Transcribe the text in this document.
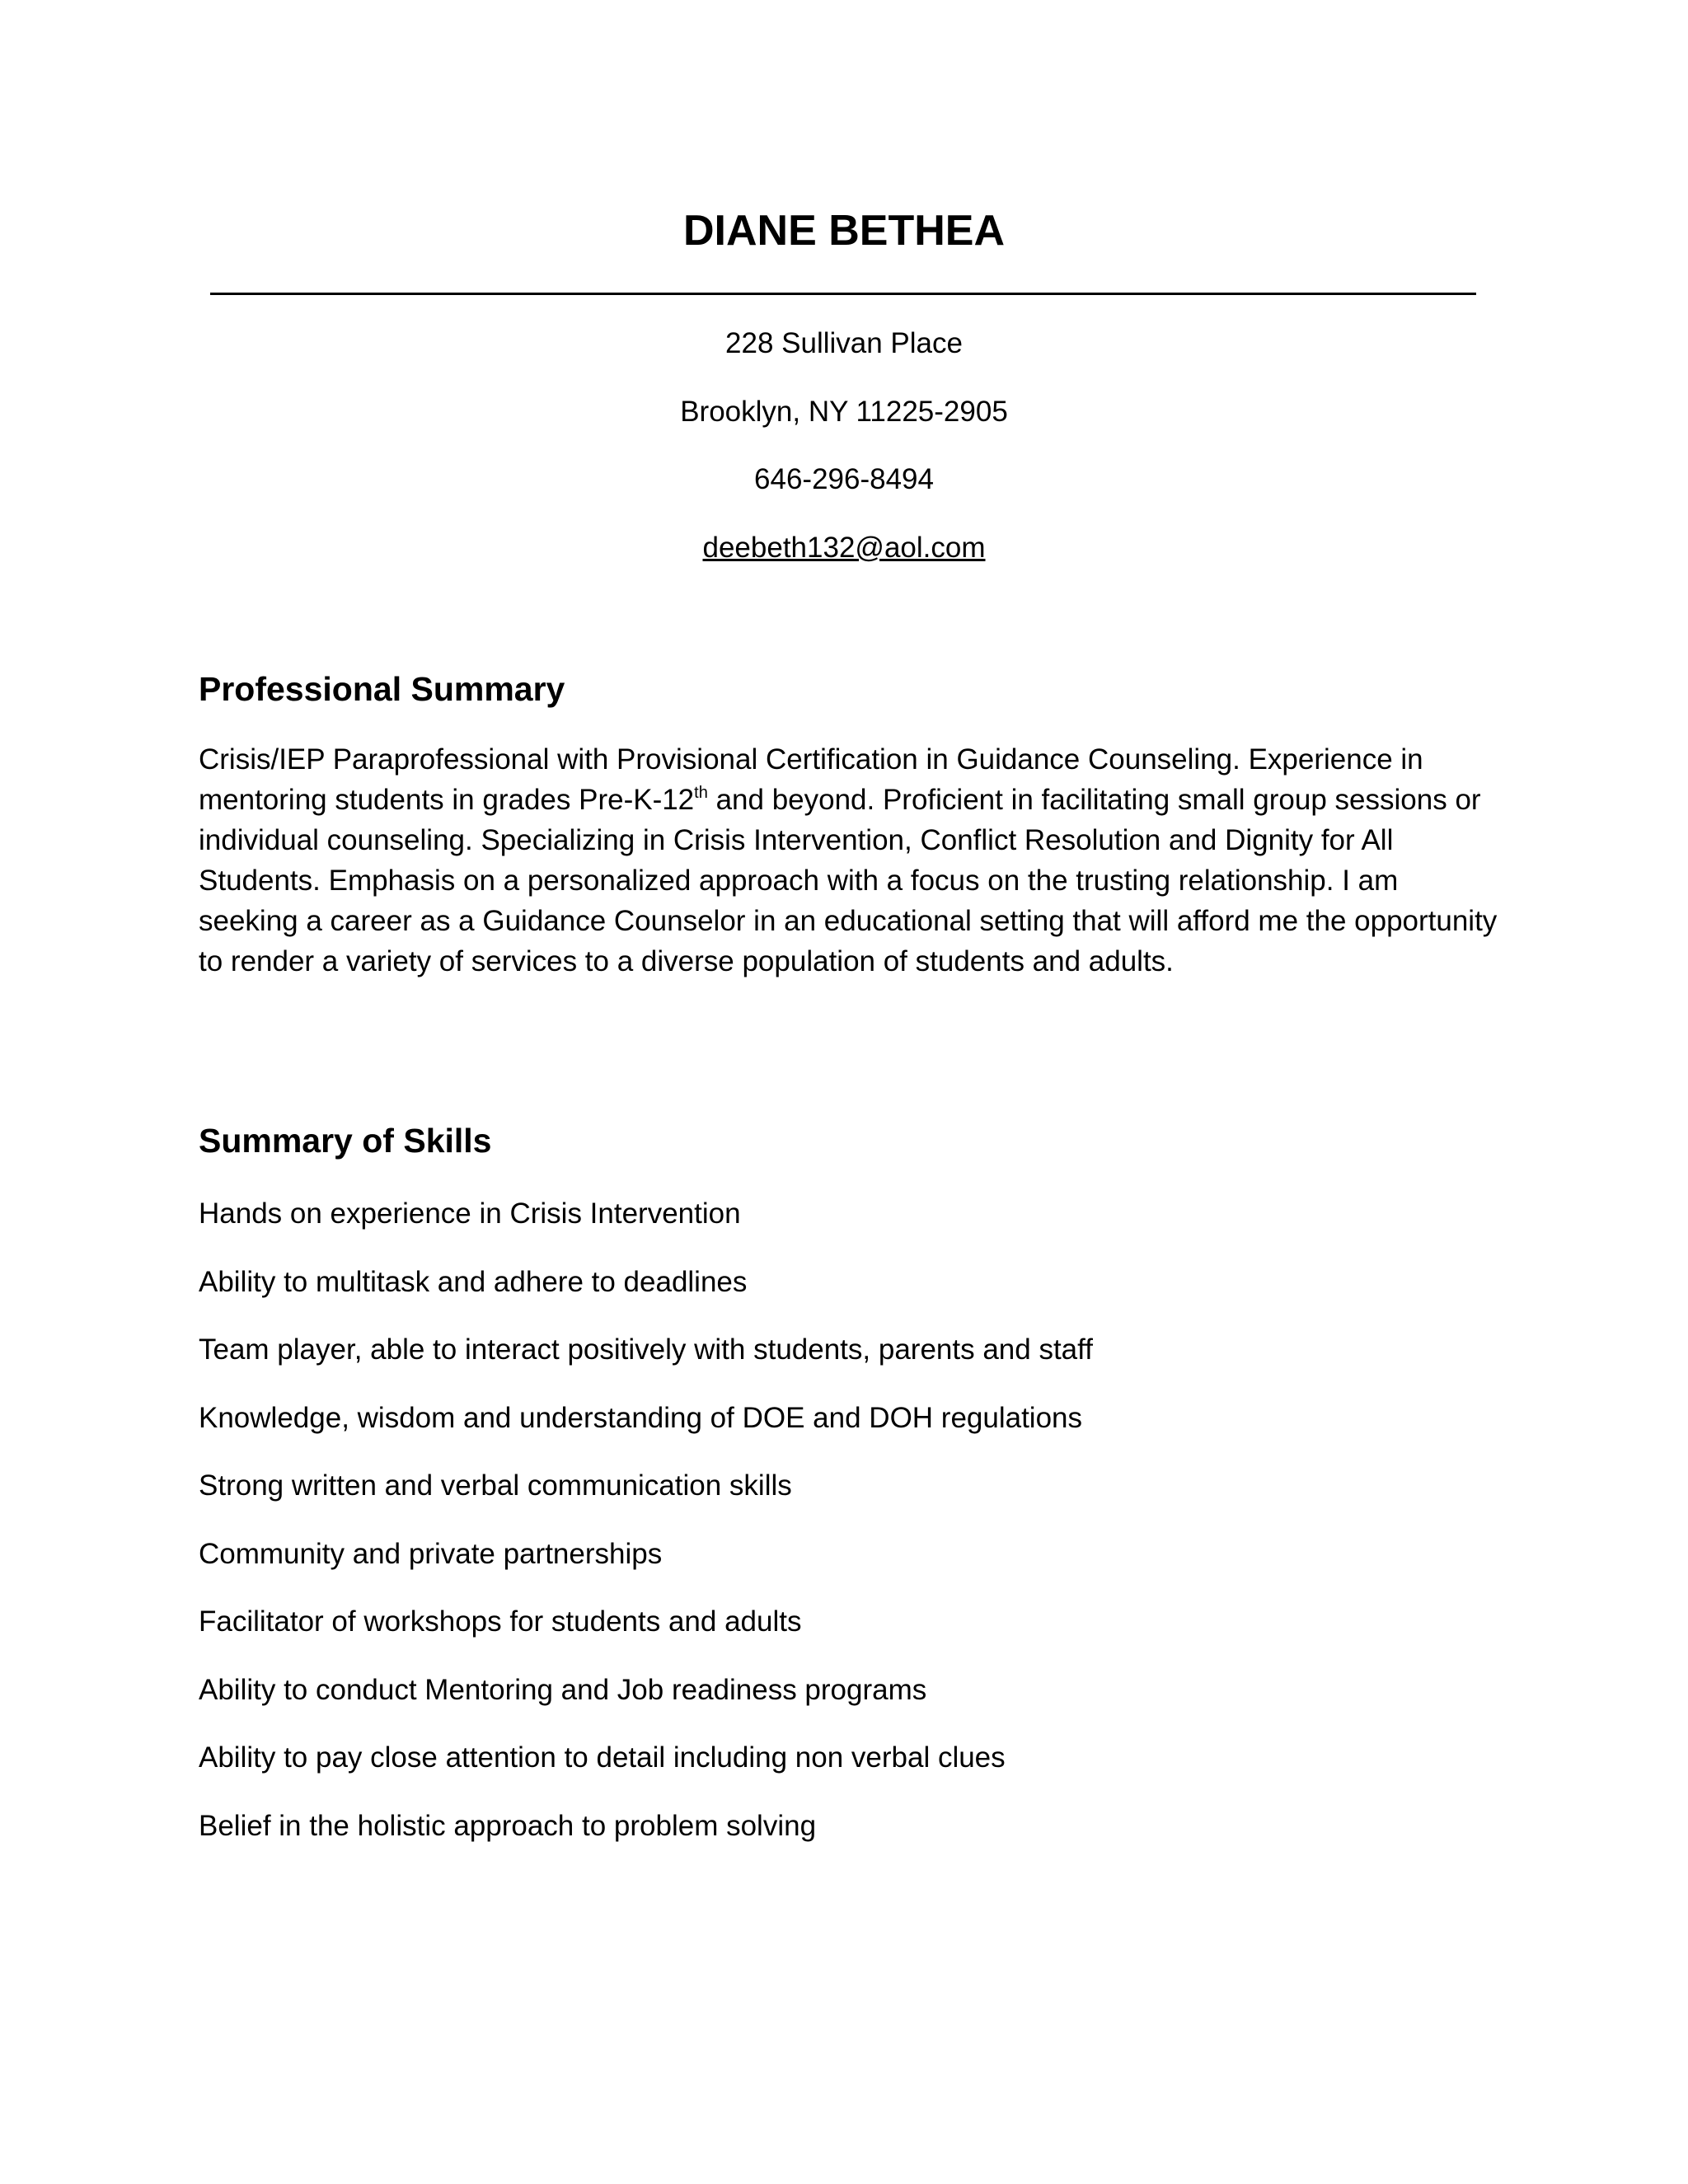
DIANE BETHEA
228 Sullivan Place
Brooklyn, NY 11225-2905
646-296-8494
deebeth132@aol.com
Professional Summary

Crisis/IEP Paraprofessional with Provisional Certification in Guidance Counseling. Experience in mentoring students in grades Pre-K-12th and beyond. Proficient in facilitating small group sessions or individual counseling. Specializing in Crisis Intervention, Conflict Resolution and Dignity for All Students. Emphasis on a personalized approach with a focus on the trusting relationship. I am seeking a career as a Guidance Counselor in an educational setting that will afford me the opportunity to render a variety of services to a diverse population of students and adults.

Summary of Skills
Hands on experience in Crisis Intervention
Ability to multitask and adhere to deadlines
Team player, able to interact positively with students, parents and staff
Knowledge, wisdom and understanding of DOE and DOH regulations
Strong written and verbal communication skills
Community and private partnerships
Facilitator of workshops for students and adults
Ability to conduct Mentoring and Job readiness programs
Ability to pay close attention to detail including non verbal clues
Belief in the holistic approach to problem solving
